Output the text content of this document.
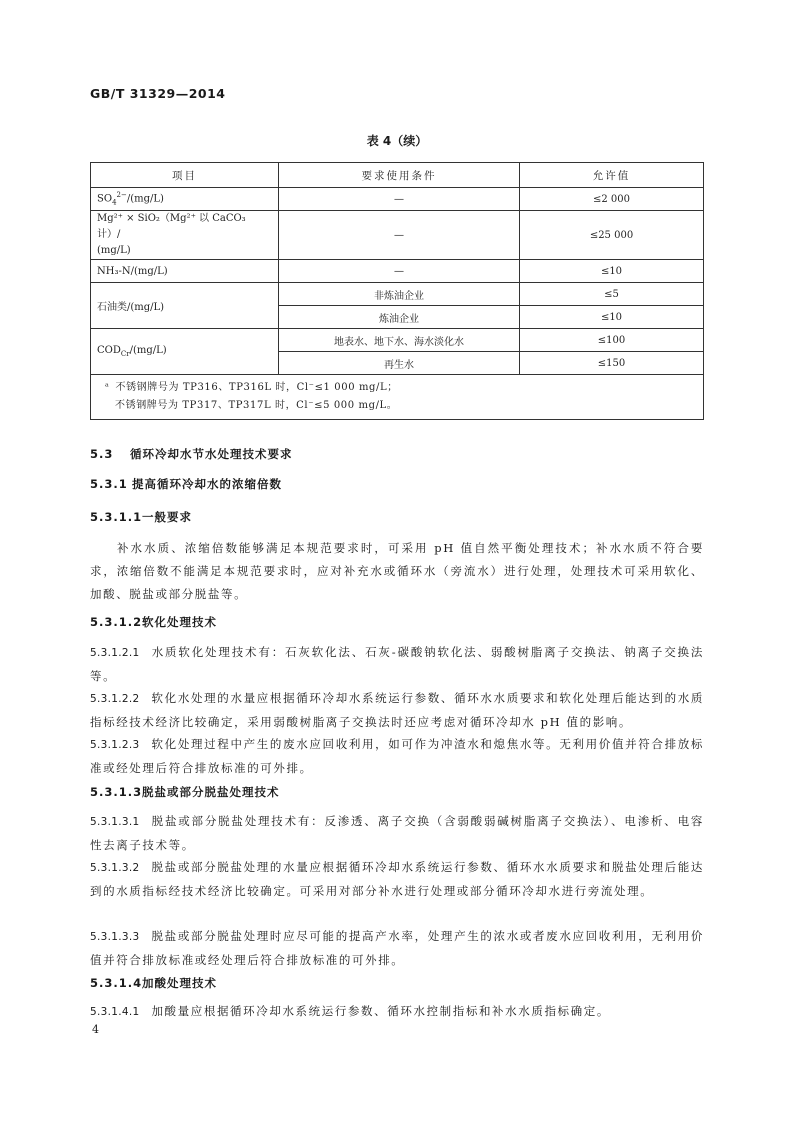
GB/T 31329—2014
表 4（续）
项目	要求使用条件	允许值
$SO_4^{2-}/(mg/L)$	—	≤2 000

Mg²⁺ × SiO₂（Mg²⁺ 以 CaCO₃ 计）/
(mg/L)	—	≤25 000
NH₃-N/(mg/L)	—	≤10
石油类/(mg/L)	非炼油企业	≤5
	炼油企业	≤10
$COD_{Cr}/(mg/L)$	地表水、地下水、海水淡化水	≤100
	再生水	≤150

ᵃ 不锈钢牌号为 TP316、TP316L 时，Cl⁻≤1 000 mg/L；
不锈钢牌号为 TP317、TP317L 时，Cl⁻≤5 000 mg/L。		
5.3 循环冷却水节水处理技术要求
5.3.1 提高循环冷却水的浓缩倍数
5.3.1.1一般要求
补水水质、浓缩倍数能够满足本规范要求时，可采用 pH 值自然平衡处理技术；补水水质不符合要求，浓缩倍数不能满足本规范要求时，应对补充水或循环水（旁流水）进行处理，处理技术可采用软化、加酸、脱盐或部分脱盐等。
5.3.1.2软化处理技术
5.3.1.2.1 水质软化处理技术有：石灰软化法、石灰-碳酸钠软化法、弱酸树脂离子交换法、钠离子交换法等。
5.3.1.2.2 软化水处理的水量应根据循环冷却水系统运行参数、循环水水质要求和软化处理后能达到的水质指标经技术经济比较确定，采用弱酸树脂离子交换法时还应考虑对循环冷却水 pH 值的影响。
5.3.1.2.3 软化处理过程中产生的废水应回收利用，如可作为冲渣水和熄焦水等。无利用价值并符合排放标准或经处理后符合排放标准的可外排。
5.3.1.3脱盐或部分脱盐处理技术
5.3.1.3.1 脱盐或部分脱盐处理技术有：反渗透、离子交换（含弱酸弱碱树脂离子交换法）、电渗析、电容性去离子技术等。
5.3.1.3.2 脱盐或部分脱盐处理的水量应根据循环冷却水系统运行参数、循环水水质要求和脱盐处理后能达到的水质指标经技术经济比较确定。可采用对部分补水进行处理或部分循环冷却水进行旁流处理。
5.3.1.3.3 脱盐或部分脱盐处理时应尽可能的提高产水率，处理产生的浓水或者废水应回收利用，无利用价值并符合排放标准或经处理后符合排放标准的可外排。
5.3.1.4加酸处理技术
5.3.1.4.1 加酸量应根据循环冷却水系统运行参数、循环水控制指标和补水水质指标确定。
4
